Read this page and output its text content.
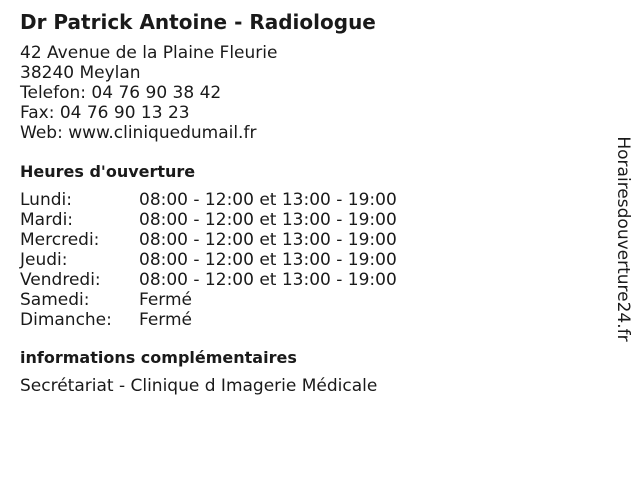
Dr Patrick Antoine - Radiologue
42 Avenue de la Plaine Fleurie
38240 Meylan
Telefon: 04 76 90 38 42
Fax: 04 76 90 13 23
Web: www.cliniquedumail.fr
Heures d'ouverture
Lundi:	08:00 - 12:00 et 13:00 - 19:00
Mardi:	08:00 - 12:00 et 13:00 - 19:00
Mercredi:	08:00 - 12:00 et 13:00 - 19:00
Jeudi:	08:00 - 12:00 et 13:00 - 19:00
Vendredi:	08:00 - 12:00 et 13:00 - 19:00
Samedi:	Fermé
Dimanche:	Fermé
informations complémentaires
Secrétariat - Clinique d Imagerie Médicale
Horairesdouverture24.fr
